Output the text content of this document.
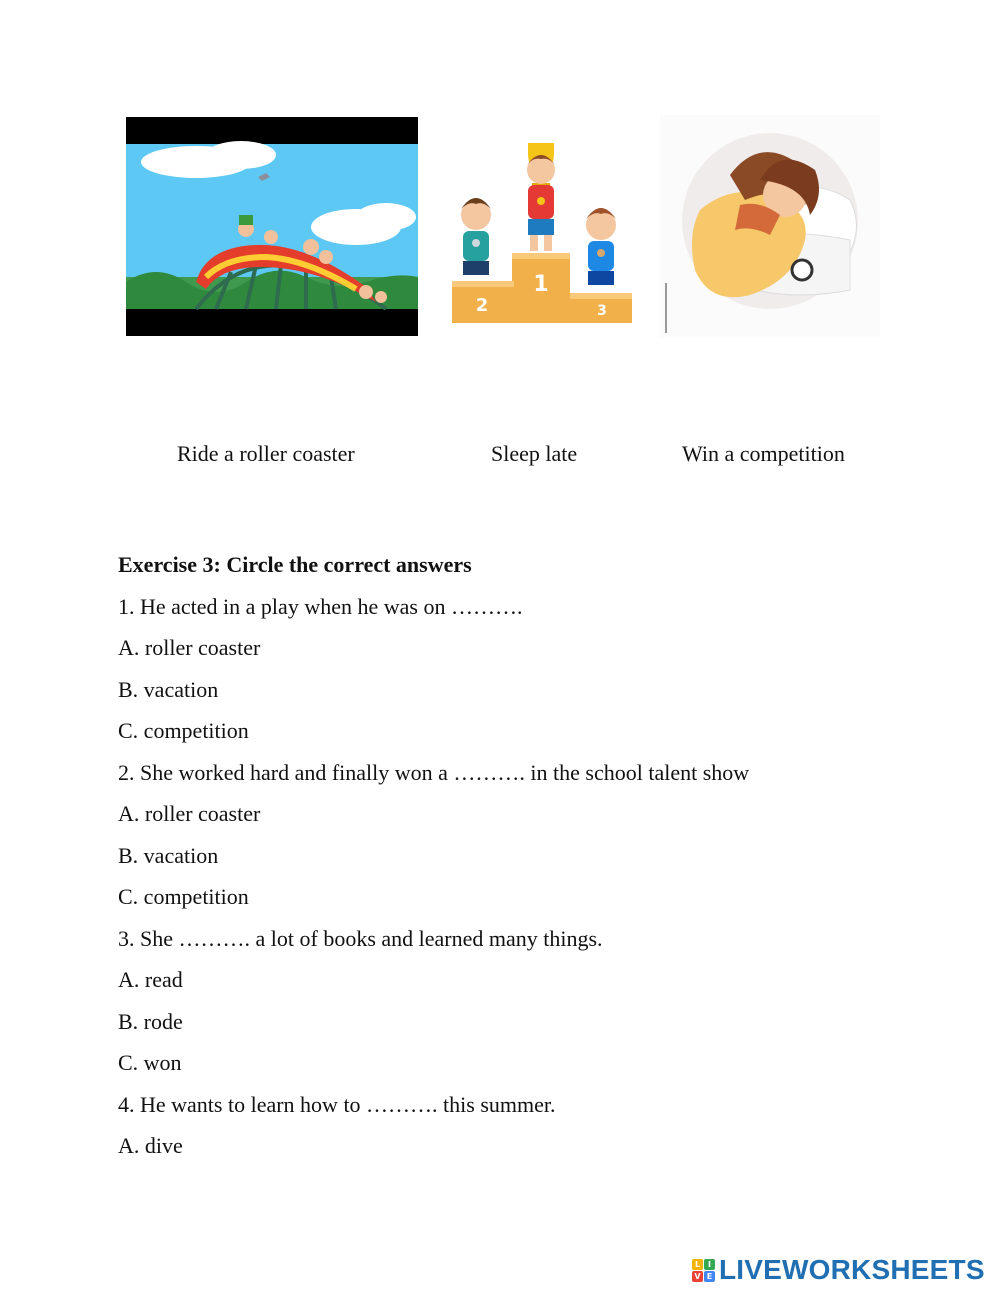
1
2	3
Ride a roller coaster	Sleep late	Win a competition

Exercise 3: Circle the correct answers

1. He acted in a play when he was on ……….

A. roller coaster

B. vacation

C. competition

2. She worked hard and finally won a ………. in the school talent show

A. roller coaster

B. vacation

C. competition

3. She ………. a lot of books and learned many things.

A. read

B. rode

C. won

4. He wants to learn how to ………. this summer.

A. dive

L I
V E LIVEWORKSHEETS
